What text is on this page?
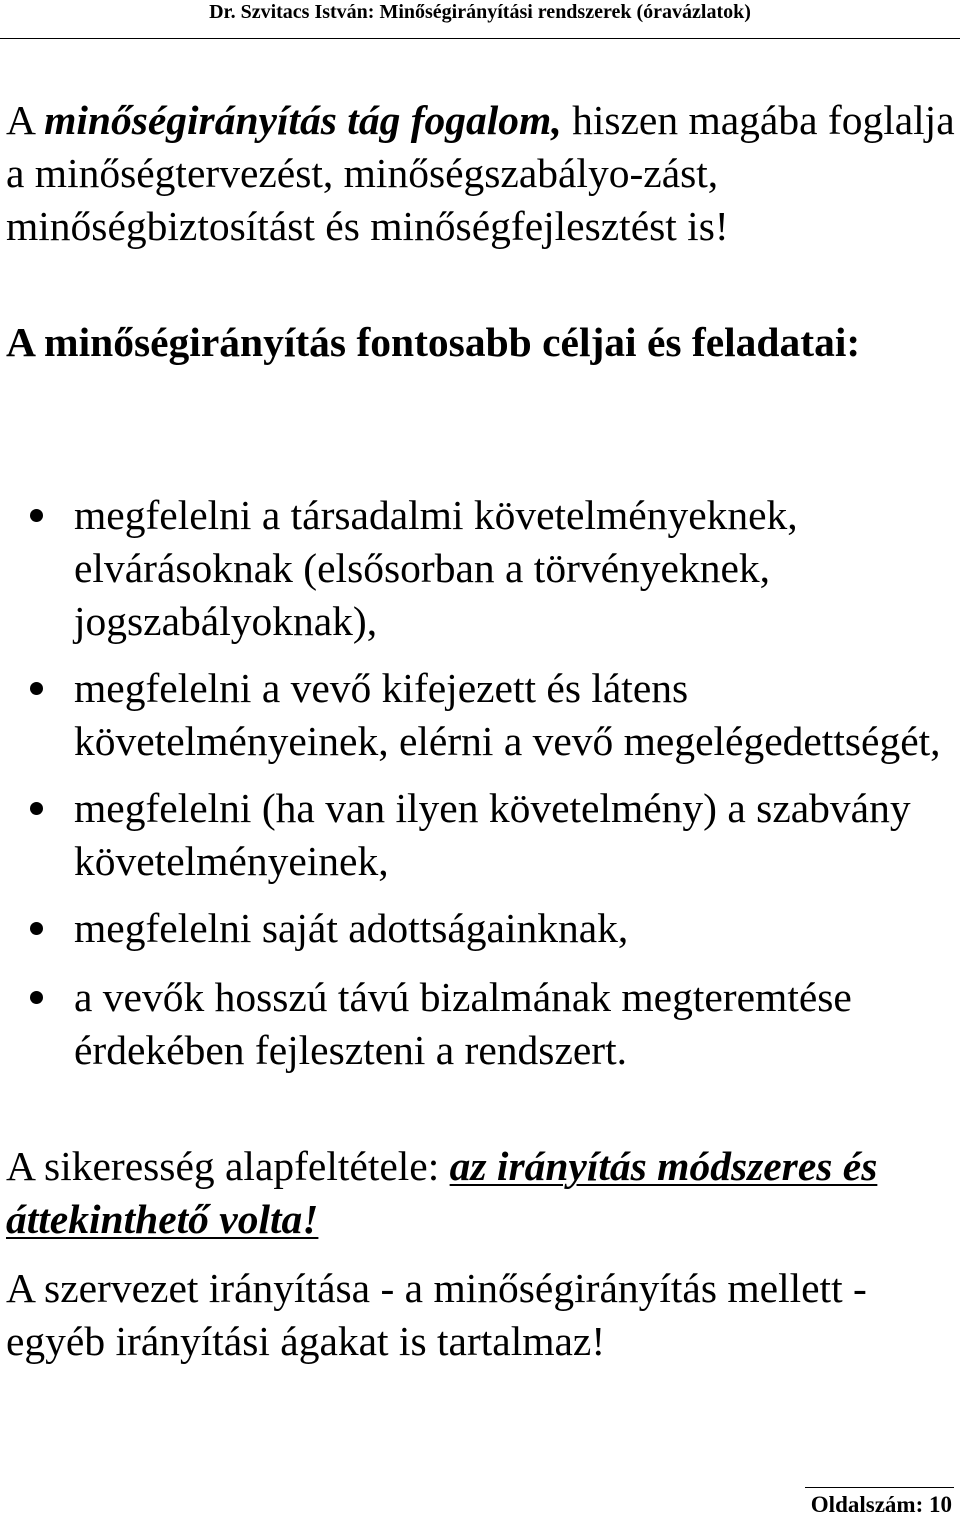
Dr. Szvitacs István: Minőségirányítási rendszerek (óravázlatok)

A minőségirányítás tág fogalom, hiszen magába foglalja a minőségtervezést, minőségszabályo-zást, minőségbiztosítást és minőségfejlesztést is!

A minőségirányítás fontosabb céljai és feladatai:

megfelelni a társadalmi követelményeknek, elvárásoknak (elsősorban a törvényeknek, jogszabályoknak),
megfelelni a vevő kifejezett és látens követelményeinek, elérni a vevő megelégedettségét,
megfelelni (ha van ilyen követelmény) a szabvány követelményeinek,
megfelelni saját adottságainknak,
a vevők hosszú távú bizalmának megteremtése érdekében fejleszteni a rendszert.

A sikeresség alapfeltétele: az irányítás módszeres és áttekinthető volta!

A szervezet irányítása - a minőségirányítás mellett - egyéb irányítási ágakat is tartalmaz!

Oldalszám: 10
